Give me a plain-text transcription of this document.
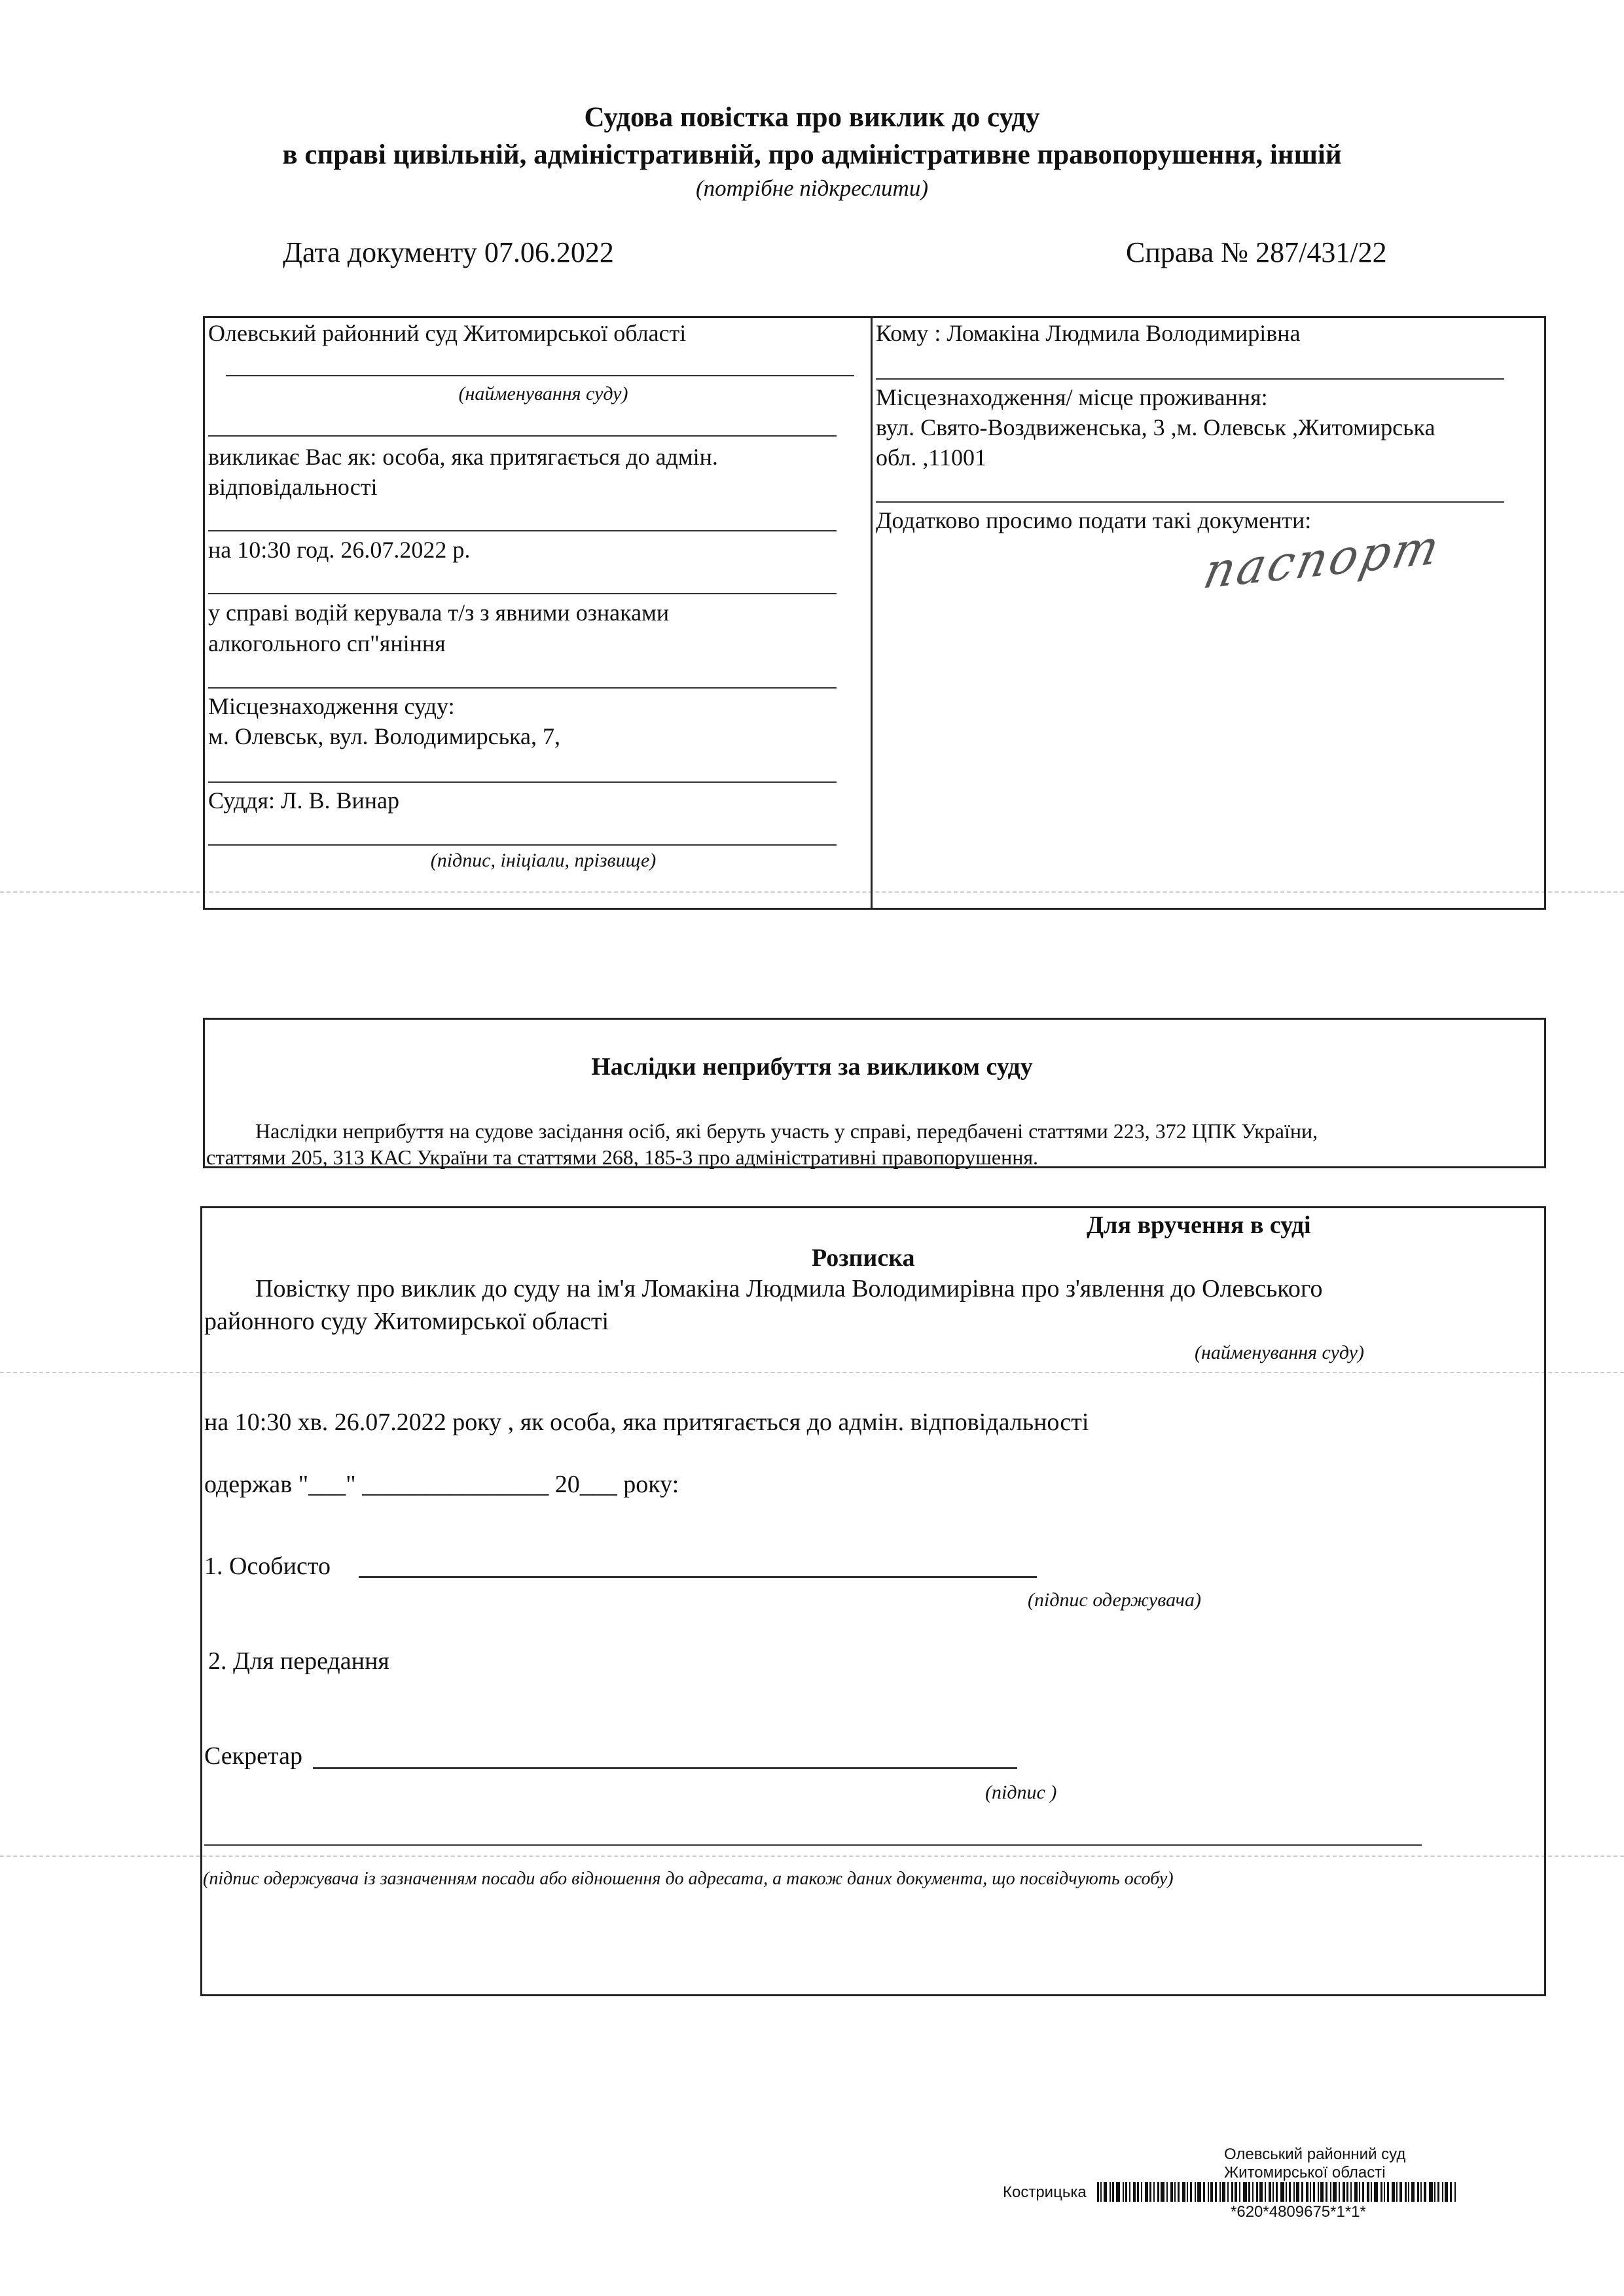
Судова повістка про виклик до суду
в справі цивільній, адміністративній, про адміністративне правопорушення, іншій
(потрібне підкреслити)
Дата документу 07.06.2022	Справа № 287/431/22
Олевський районний суд Житомирської області
(найменування суду)
викликає Вас як: особа, яка притягається до адмін.
відповідальності
на 10:30 год. 26.07.2022 р.
у справі водій керувала т/з з явними ознаками
алкогольного сп"яніння
Місцезнаходження суду:
м. Олевськ, вул. Володимирська, 7,
Суддя: Л. В. Винар
(підпис, ініціали, прізвище)
Кому : Ломакіна Людмила Володимирівна
Місцезнаходження/ місце проживання:
вул. Свято-Воздвиженська, 3 ,м. Олевськ ,Житомирська
обл. ,11001
Додатково просимо подати такі документи:
паспорт
Наслідки неприбуття за викликом суду
Наслідки неприбуття на судове засідання осіб, які беруть участь у справі, передбачені статтями 223, 372 ЦПК України,
статтями 205, 313 КАС України та статтями 268, 185-3 про адміністративні правопорушення.
Для вручення в суді
Розписка
Повістку про виклик до суду на ім'я Ломакіна Людмила Володимирівна про з'явлення до Олевського
районного суду Житомирської області
(найменування суду)
на 10:30 хв. 26.07.2022 року , як особа, яка притягається до адмін. відповідальності
одержав "___" _______________ 20___ року:
1. Особисто
(підпис одержувача)
2. Для передання
Секретар
(підпис )
(підпис одержувача із зазначенням посади або відношення до адресата, а також даних документа, що посвідчують особу)
Олевський районний суд
Житомирської області
Кострицька
*620*4809675*1*1*
